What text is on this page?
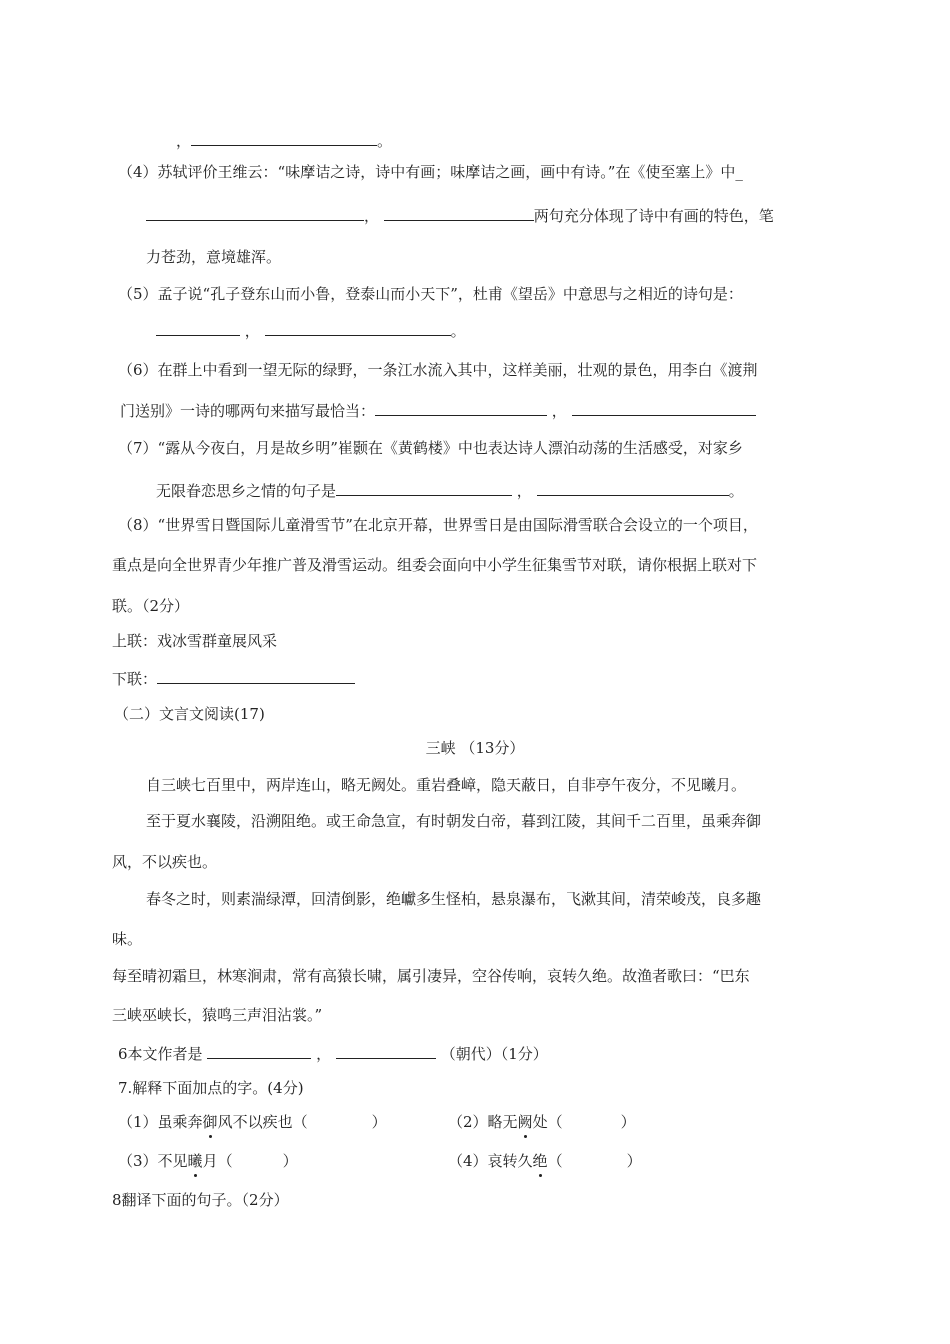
，	。
（4）苏轼评价王维云：“味摩诘之诗，诗中有画；味摩诘之画，画中有诗。”在《使至塞上》中_
，	两句充分体现了诗中有画的特色，笔
力苍劲，意境雄浑。
（5）孟子说“孔子登东山而小鲁，登泰山而小天下”，杜甫《望岳》中意思与之相近的诗句是：
，	。
（6）在群上中看到一望无际的绿野，一条江水流入其中，这样美丽，壮观的景色，用李白《渡荆
门送别》一诗的哪两句来描写最恰当：	，
（7）“露从今夜白，月是故乡明”崔颢在《黄鹤楼》中也表达诗人漂泊动荡的生活感受，对家乡
无限眷恋思乡之情的句子是	，	。
（8）“世界雪日暨国际儿童滑雪节”在北京开幕，世界雪日是由国际滑雪联合会设立的一个项目，
重点是向全世界青少年推广普及滑雪运动。组委会面向中小学生征集雪节对联，请你根据上联对下
联。（2分）
上联：戏冰雪群童展风采
下联：
（二）文言文阅读(17)
三峡 （13分）
自三峡七百里中，两岸连山，略无阙处。重岩叠嶂，隐天蔽日，自非亭午夜分，不见曦月。
至于夏水襄陵，沿溯阻绝。或王命急宣，有时朝发白帝，暮到江陵，其间千二百里，虽乘奔御
风，不以疾也。
春冬之时，则素湍绿潭，回清倒影，绝巘多生怪柏，悬泉瀑布，飞漱其间，清荣峻茂，良多趣
味。
每至晴初霜旦，林寒涧肃，常有高猿长啸，属引凄异，空谷传响，哀转久绝。故渔者歌曰：“巴东
三峡巫峡长，猿鸣三声泪沾裳。”
6本文作者是	，	（朝代）（1分）
7.解释下面加点的字。(4分)
（1）虽乘奔御风不以疾也（	）	（2）略无阙处（	）
（3）不见曦月（	）	（4）哀转久绝（	）
8翻译下面的句子。（2分）
